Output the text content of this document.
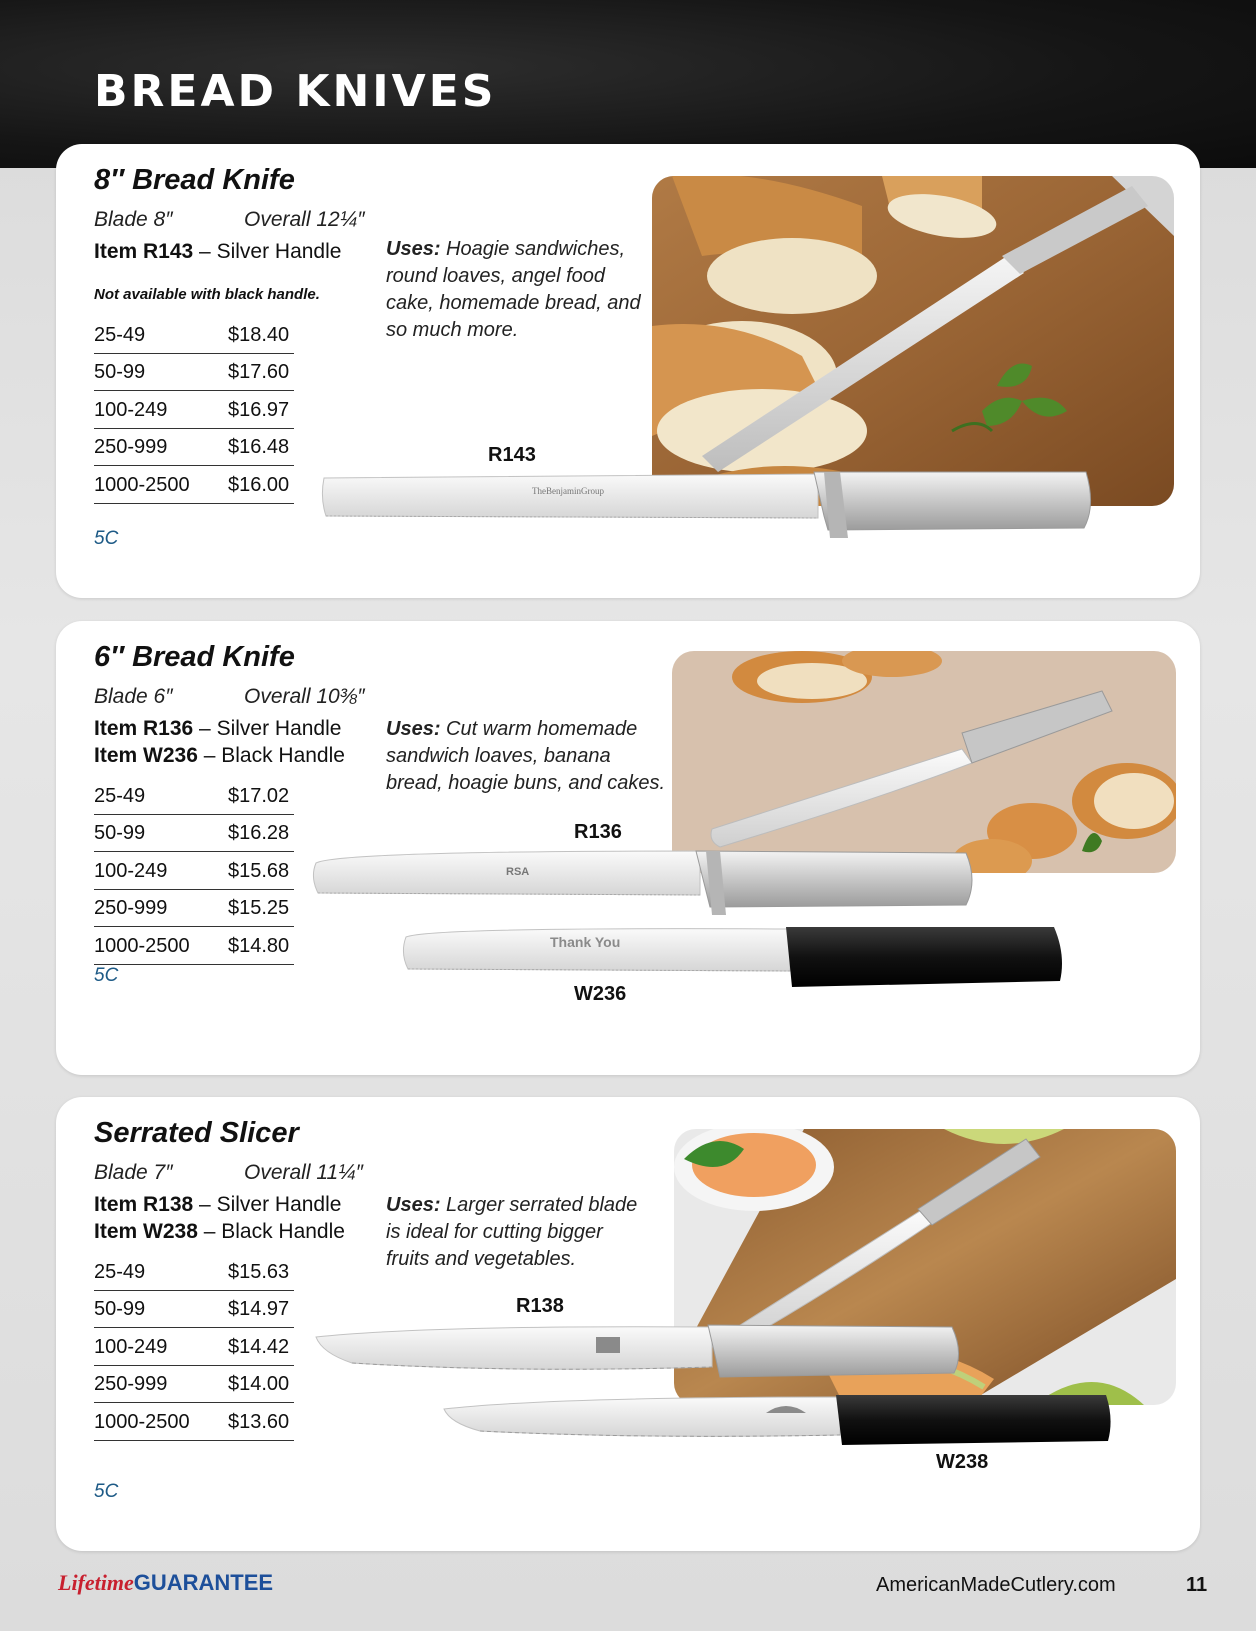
BREAD KNIVES
8″ Bread Knife
Blade 8″	Overall 12¼″
Item R143 – Silver Handle
Not available with black handle.
Uses: Hoagie sandwiches, round loaves, angel food cake, homemade bread, and so much more.
25-49	$18.40
50-99	$17.60
100-249	$16.97
250-999	$16.48
1000-2500 $16.00
5C
R143
TheBenjaminGroup
6″ Bread Knife
Blade 6″	Overall 10⅜″
Item R136 – Silver Handle
Item W236 – Black Handle
Uses: Cut warm homemade sandwich loaves, banana bread, hoagie buns, and cakes.
25-49	$17.02
50-99	$16.28
100-249	$15.68
250-999	$15.25
1000-2500 $14.80
5C
R136
RSA
Thank You
W236
Serrated Slicer
Blade 7″	Overall 11¼″
Item R138 – Silver Handle
Item W238 – Black Handle
Uses: Larger serrated blade is ideal for cutting bigger fruits and vegetables.
25-49	$15.63
50-99	$14.97
100-249	$14.42
250-999	$14.00
1000-2500 $13.60
5C
R138
W238
LifetimeGUARANTEE	AmericanMadeCutlery.com	11
